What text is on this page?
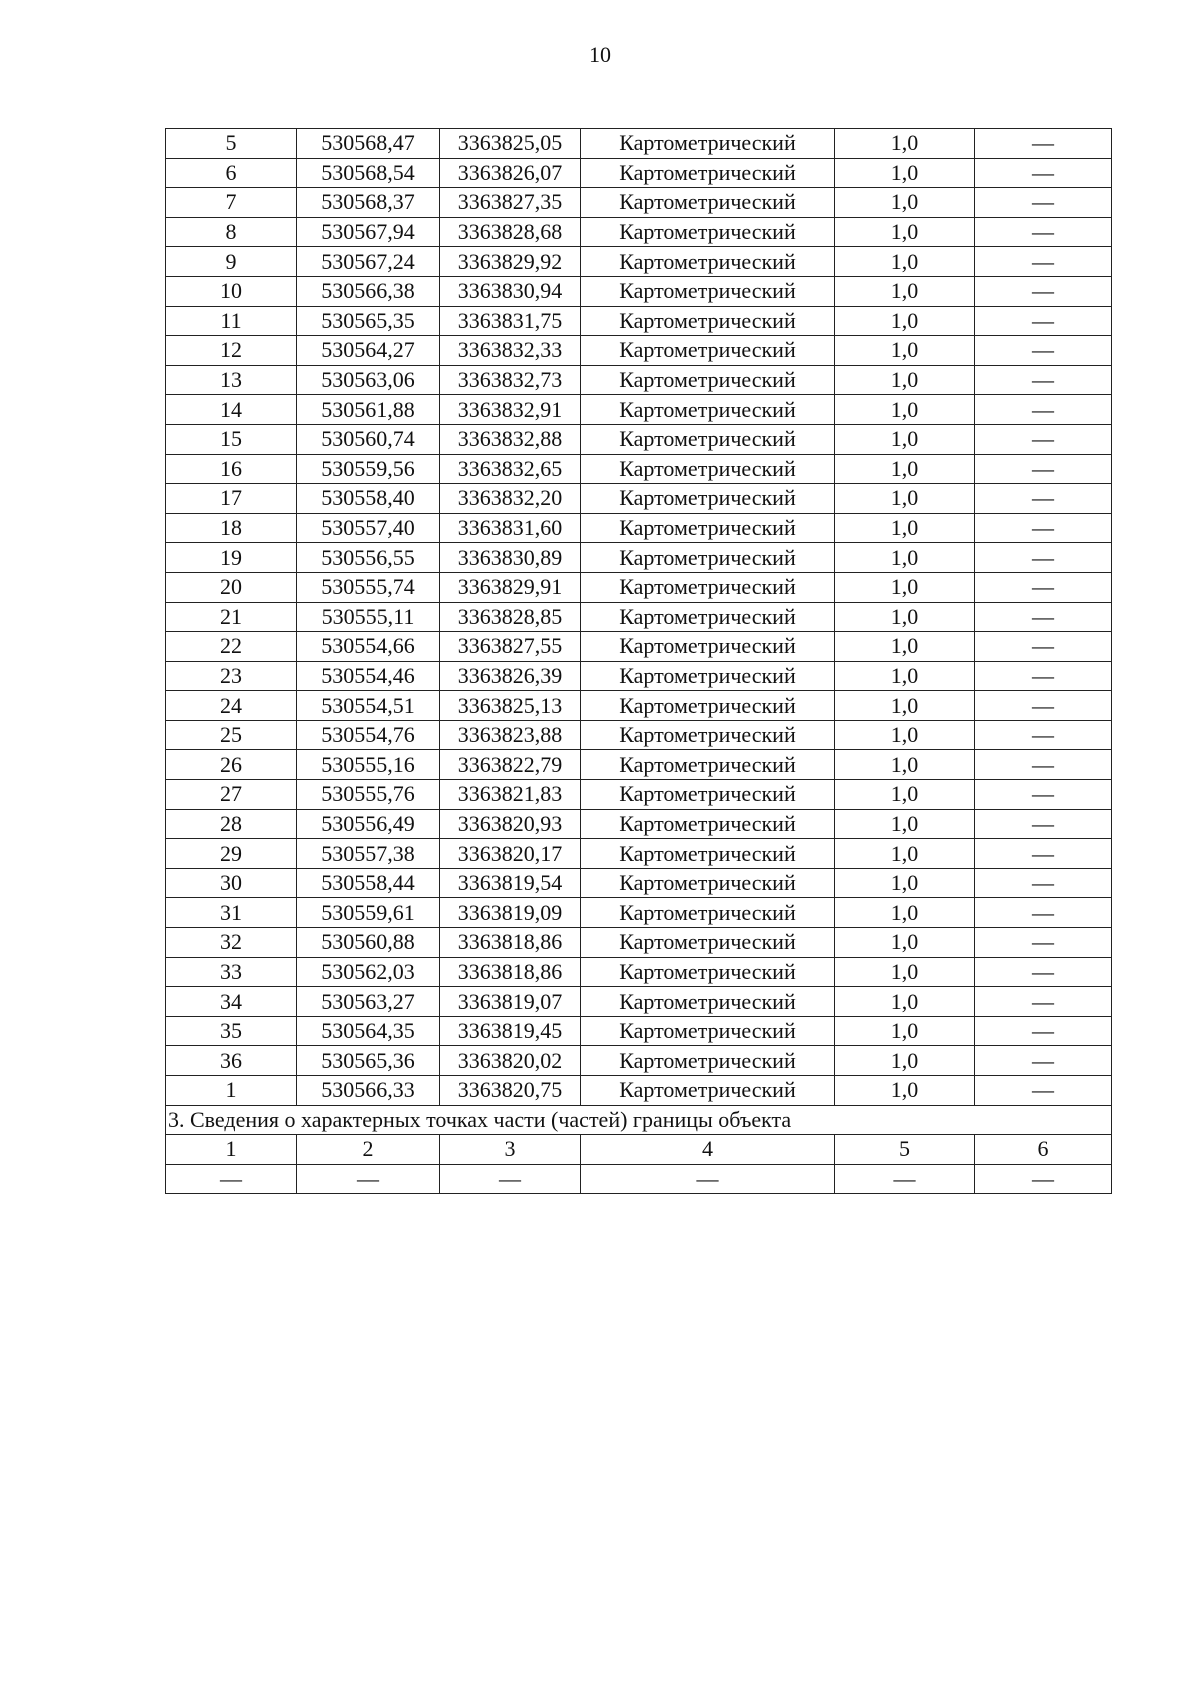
10
5	530568,47	3363825,05	Картометрический	1,0	—
6	530568,54	3363826,07	Картометрический	1,0	—
7	530568,37	3363827,35	Картометрический	1,0	—
8	530567,94	3363828,68	Картометрический	1,0	—
9	530567,24	3363829,92	Картометрический	1,0	—
10	530566,38	3363830,94	Картометрический	1,0	—
11	530565,35	3363831,75	Картометрический	1,0	—
12	530564,27	3363832,33	Картометрический	1,0	—
13	530563,06	3363832,73	Картометрический	1,0	—
14	530561,88	3363832,91	Картометрический	1,0	—
15	530560,74	3363832,88	Картометрический	1,0	—
16	530559,56	3363832,65	Картометрический	1,0	—
17	530558,40	3363832,20	Картометрический	1,0	—
18	530557,40	3363831,60	Картометрический	1,0	—
19	530556,55	3363830,89	Картометрический	1,0	—
20	530555,74	3363829,91	Картометрический	1,0	—
21	530555,11	3363828,85	Картометрический	1,0	—
22	530554,66	3363827,55	Картометрический	1,0	—
23	530554,46	3363826,39	Картометрический	1,0	—
24	530554,51	3363825,13	Картометрический	1,0	—
25	530554,76	3363823,88	Картометрический	1,0	—
26	530555,16	3363822,79	Картометрический	1,0	—
27	530555,76	3363821,83	Картометрический	1,0	—
28	530556,49	3363820,93	Картометрический	1,0	—
29	530557,38	3363820,17	Картометрический	1,0	—
30	530558,44	3363819,54	Картометрический	1,0	—
31	530559,61	3363819,09	Картометрический	1,0	—
32	530560,88	3363818,86	Картометрический	1,0	—
33	530562,03	3363818,86	Картометрический	1,0	—
34	530563,27	3363819,07	Картометрический	1,0	—
35	530564,35	3363819,45	Картометрический	1,0	—
36	530565,36	3363820,02	Картометрический	1,0	—
1	530566,33	3363820,75	Картометрический	1,0	—
3. Сведения о характерных точках части (частей) границы объекта					
1	2	3	4	5	6
—	—	—	—	—	—
